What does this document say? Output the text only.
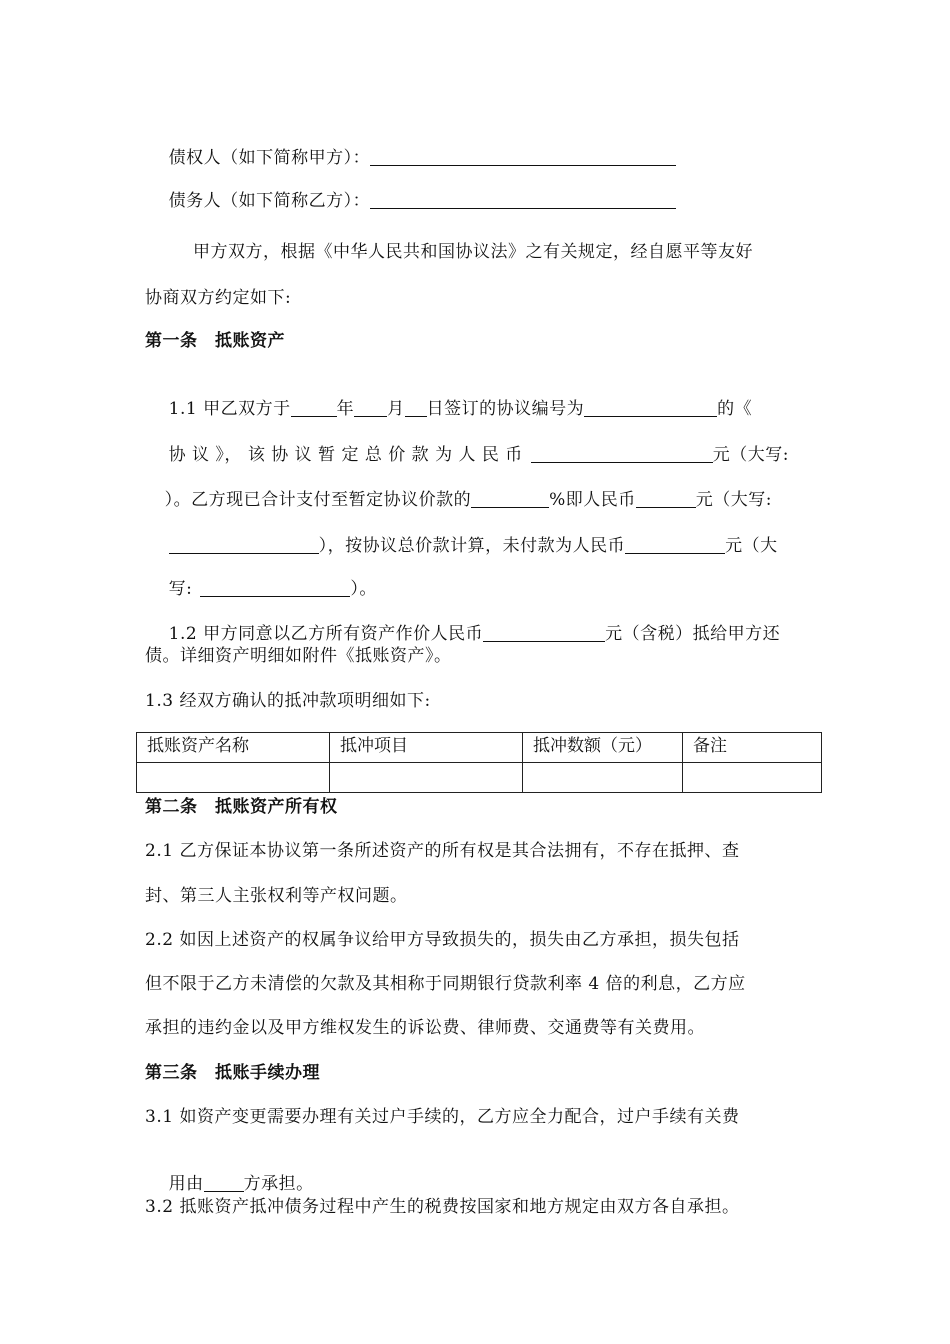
债权人（如下简称甲方）：

债务人（如下简称乙方）：

甲方双方，根据《中华人民共和国协议法》之有关规定，经自愿平等友好
协商双方约定如下:
第一条　抵账资产

1.1 甲乙双方于	年 月 日签订的协议编号为	的《

协 议 》， 该 协 议 暂 定 总 价 款 为 人 民 币	元（大写:

）。乙方现已合计支付至暂定协议价款的	%即人民币	元（大写:

），按协议总价款计算，未付款为人民币	元（大

写:	）。

1.2 甲方同意以乙方所有资产作价人民币	元（含税）抵给甲方还

债。详细资产明细如附件《抵账资产》。
1.3 经双方确认的抵冲款项明细如下:
抵账资产名称	抵冲项目	抵冲数额（元）	备注

第二条　抵账资产所有权
2.1 乙方保证本协议第一条所述资产的所有权是其合法拥有，不存在抵押、查
封、第三人主张权利等产权问题。
2.2 如因上述资产的权属争议给甲方导致损失的，损失由乙方承担，损失包括
但不限于乙方未清偿的欠款及其相称于同期银行贷款利率 4 倍的利息，乙方应
承担的违约金以及甲方维权发生的诉讼费、律师费、交通费等有关费用。
第三条　抵账手续办理
3.1 如资产变更需要办理有关过户手续的，乙方应全力配合，过户手续有关费

用由 方承担。

3.2 抵账资产抵冲债务过程中产生的税费按国家和地方规定由双方各自承担。
